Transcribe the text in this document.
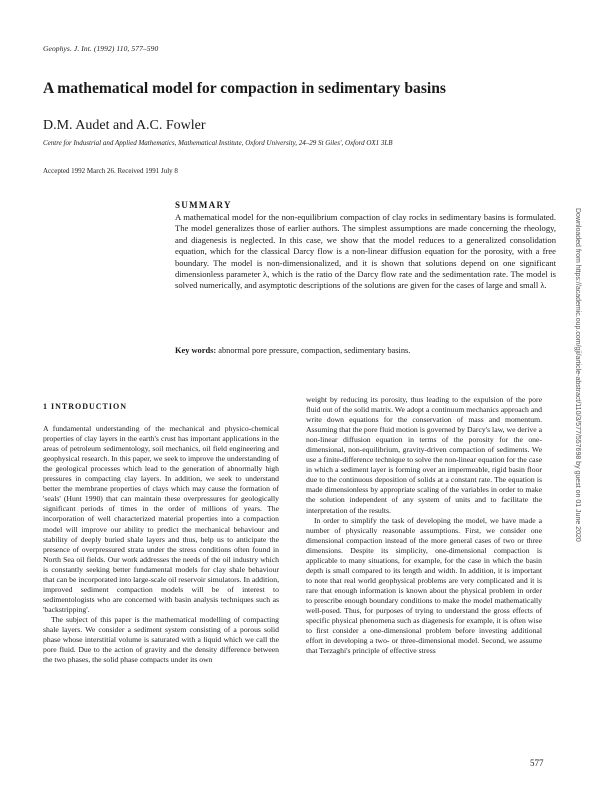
Geophys. J. Int. (1992) 110, 577–590
A mathematical model for compaction in sedimentary basins
D.M. Audet and A.C. Fowler
Centre for Industrial and Applied Mathematics, Mathematical Institute, Oxford University, 24–29 St Giles', Oxford OX1 3LB
Accepted 1992 March 26. Received 1991 July 8
SUMMARY

A mathematical model for the non-equilibrium compaction of clay rocks in sedimentary basins is formulated. The model generalizes those of earlier authors. The simplest assumptions are made concerning the rheology, and diagenesis is neglected. In this case, we show that the model reduces to a generalized consolidation equation, which for the classical Darcy flow is a non-linear diffusion equation for the porosity, with a free boundary. The model is non-dimensionalized, and it is shown that solutions depend on one significant dimensionless parameter λ, which is the ratio of the Darcy flow rate and the sedimentation rate. The model is solved numerically, and asymptotic descriptions of the solutions are given for the cases of large and small λ.

Key words: abnormal pore pressure, compaction, sedimentary basins.	Downloaded from https://academic.oup.com/gji/article-abstract/110/3/577/557698 by guest on 01 June 2020
1 INTRODUCTION

A fundamental understanding of the mechanical and physico-chemical properties of clay layers in the earth's crust has important applications in the areas of petroleum sedimentology, soil mechanics, oil field engineering and geophysical research. In this paper, we seek to improve the understanding of the geological processes which lead to the generation of abnormally high pressures in compacting clay layers. In addition, we seek to understand better the membrane properties of clays which may cause the formation of 'seals' (Hunt 1990) that can maintain these overpressures for geologically significant periods of times in the order of millions of years. The incorporation of well characterized material properties into a compaction model will improve our ability to predict the mechanical behaviour and stability of deeply buried shale layers and thus, help us to anticipate the presence of overpressured strata under the stress conditions often found in North Sea oil fields. Our work addresses the needs of the oil industry which is constantly seeking better fundamental models for clay shale behaviour that can be incorporated into large-scale oil reservoir simulators. In addition, improved sediment compaction models will be of interest to sedimentologists who are concerned with basin analysis techniques such as 'backstripping'.

The subject of this paper is the mathematical modelling of compacting shale layers. We consider a sediment system consisting of a porous solid phase whose interstitial volume is saturated with a liquid which we call the pore fluid. Due to the action of gravity and the density difference between the two phases, the solid phase compacts under its own

weight by reducing its porosity, thus leading to the expulsion of the pore fluid out of the solid matrix. We adopt a continuum mechanics approach and write down equations for the conservation of mass and momentum. Assuming that the pore fluid motion is governed by Darcy's law, we derive a non-linear diffusion equation in terms of the porosity for the one-dimensional, non-equilibrium, gravity-driven compaction of sediments. We use a finite-difference technique to solve the non-linear equation for the case in which a sediment layer is forming over an impermeable, rigid basin floor due to the continuous deposition of solids at a constant rate. The equation is made dimensionless by appropriate scaling of the variables in order to make the solution independent of any system of units and to facilitate the interpretation of the results.

In order to simplify the task of developing the model, we have made a number of physically reasonable assumptions. First, we consider one dimensional compaction instead of the more general cases of two or three dimensions. Despite its simplicity, one-dimensional compaction is applicable to many situations, for example, for the case in which the basin depth is small compared to its length and width. In addition, it is important to note that real world geophysical problems are very complicated and it is rare that enough information is known about the physical problem in order to prescribe enough boundary conditions to make the model mathematically well-posed. Thus, for purposes of trying to understand the gross effects of specific physical phenomena such as diagenesis for example, it is often wise to first consider a one-dimensional problem before investing additional effort in developing a two- or three-dimensional model. Second, we assume that Terzaghi's principle of effective stress

577
